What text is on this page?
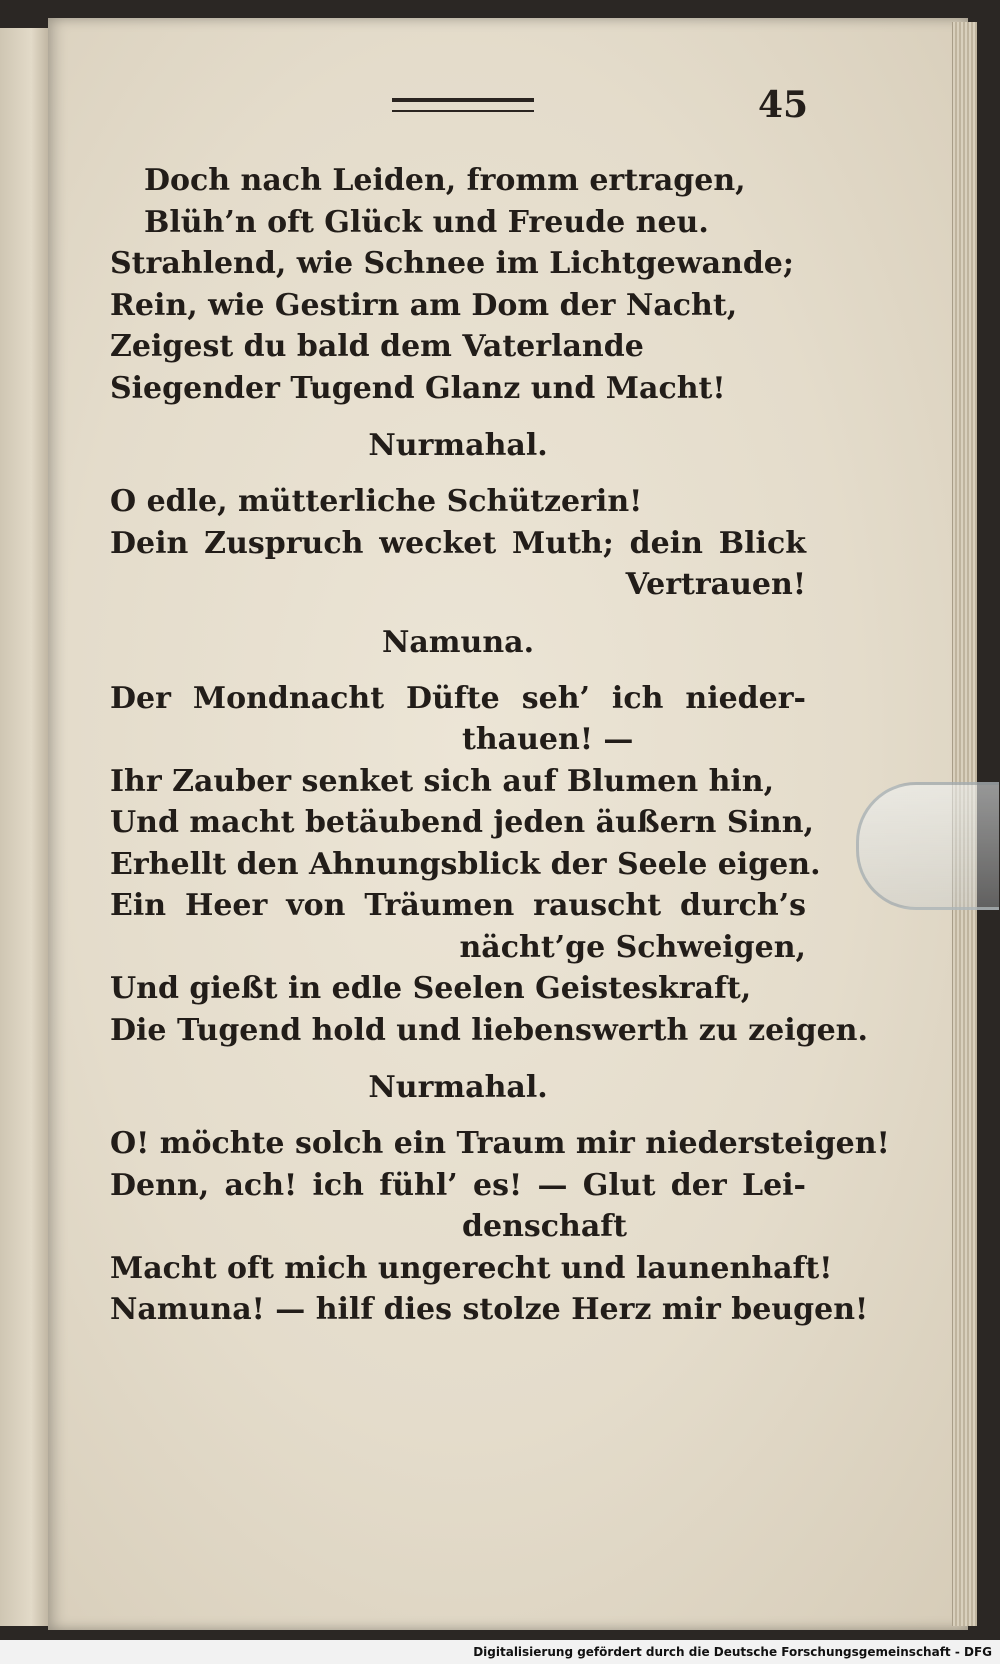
45
Doch nach Leiden, fromm ertragen,
Blüh’n oft Glück und Freude neu.
Strahlend, wie Schnee im Lichtgewande;
Rein, wie Gestirn am Dom der Nacht,
Zeigest du bald dem Vaterlande
Siegender Tugend Glanz und Macht!
Nurmahal.
O edle, mütterliche Schützerin!
Dein Zuspruch wecket Muth; dein Blick
Vertrauen!
Namuna.
Der Mondnacht Düfte seh’ ich nieder-
thauen! —
Ihr Zauber senket sich auf Blumen hin,
Und macht betäubend jeden äußern Sinn,
Erhellt den Ahnungsblick der Seele eigen.
Ein Heer von Träumen rauscht durch’s
nächt’ge Schweigen,
Und gießt in edle Seelen Geisteskraft,
Die Tugend hold und liebenswerth zu zeigen.
Nurmahal.
O! möchte solch ein Traum mir niedersteigen!
Denn, ach! ich fühl’ es! — Glut der Lei-
denschaft
Macht oft mich ungerecht und launenhaft!
Namuna! — hilf dies stolze Herz mir beugen!
Digitalisierung gefördert durch die Deutsche Forschungsgemeinschaft - DFG
